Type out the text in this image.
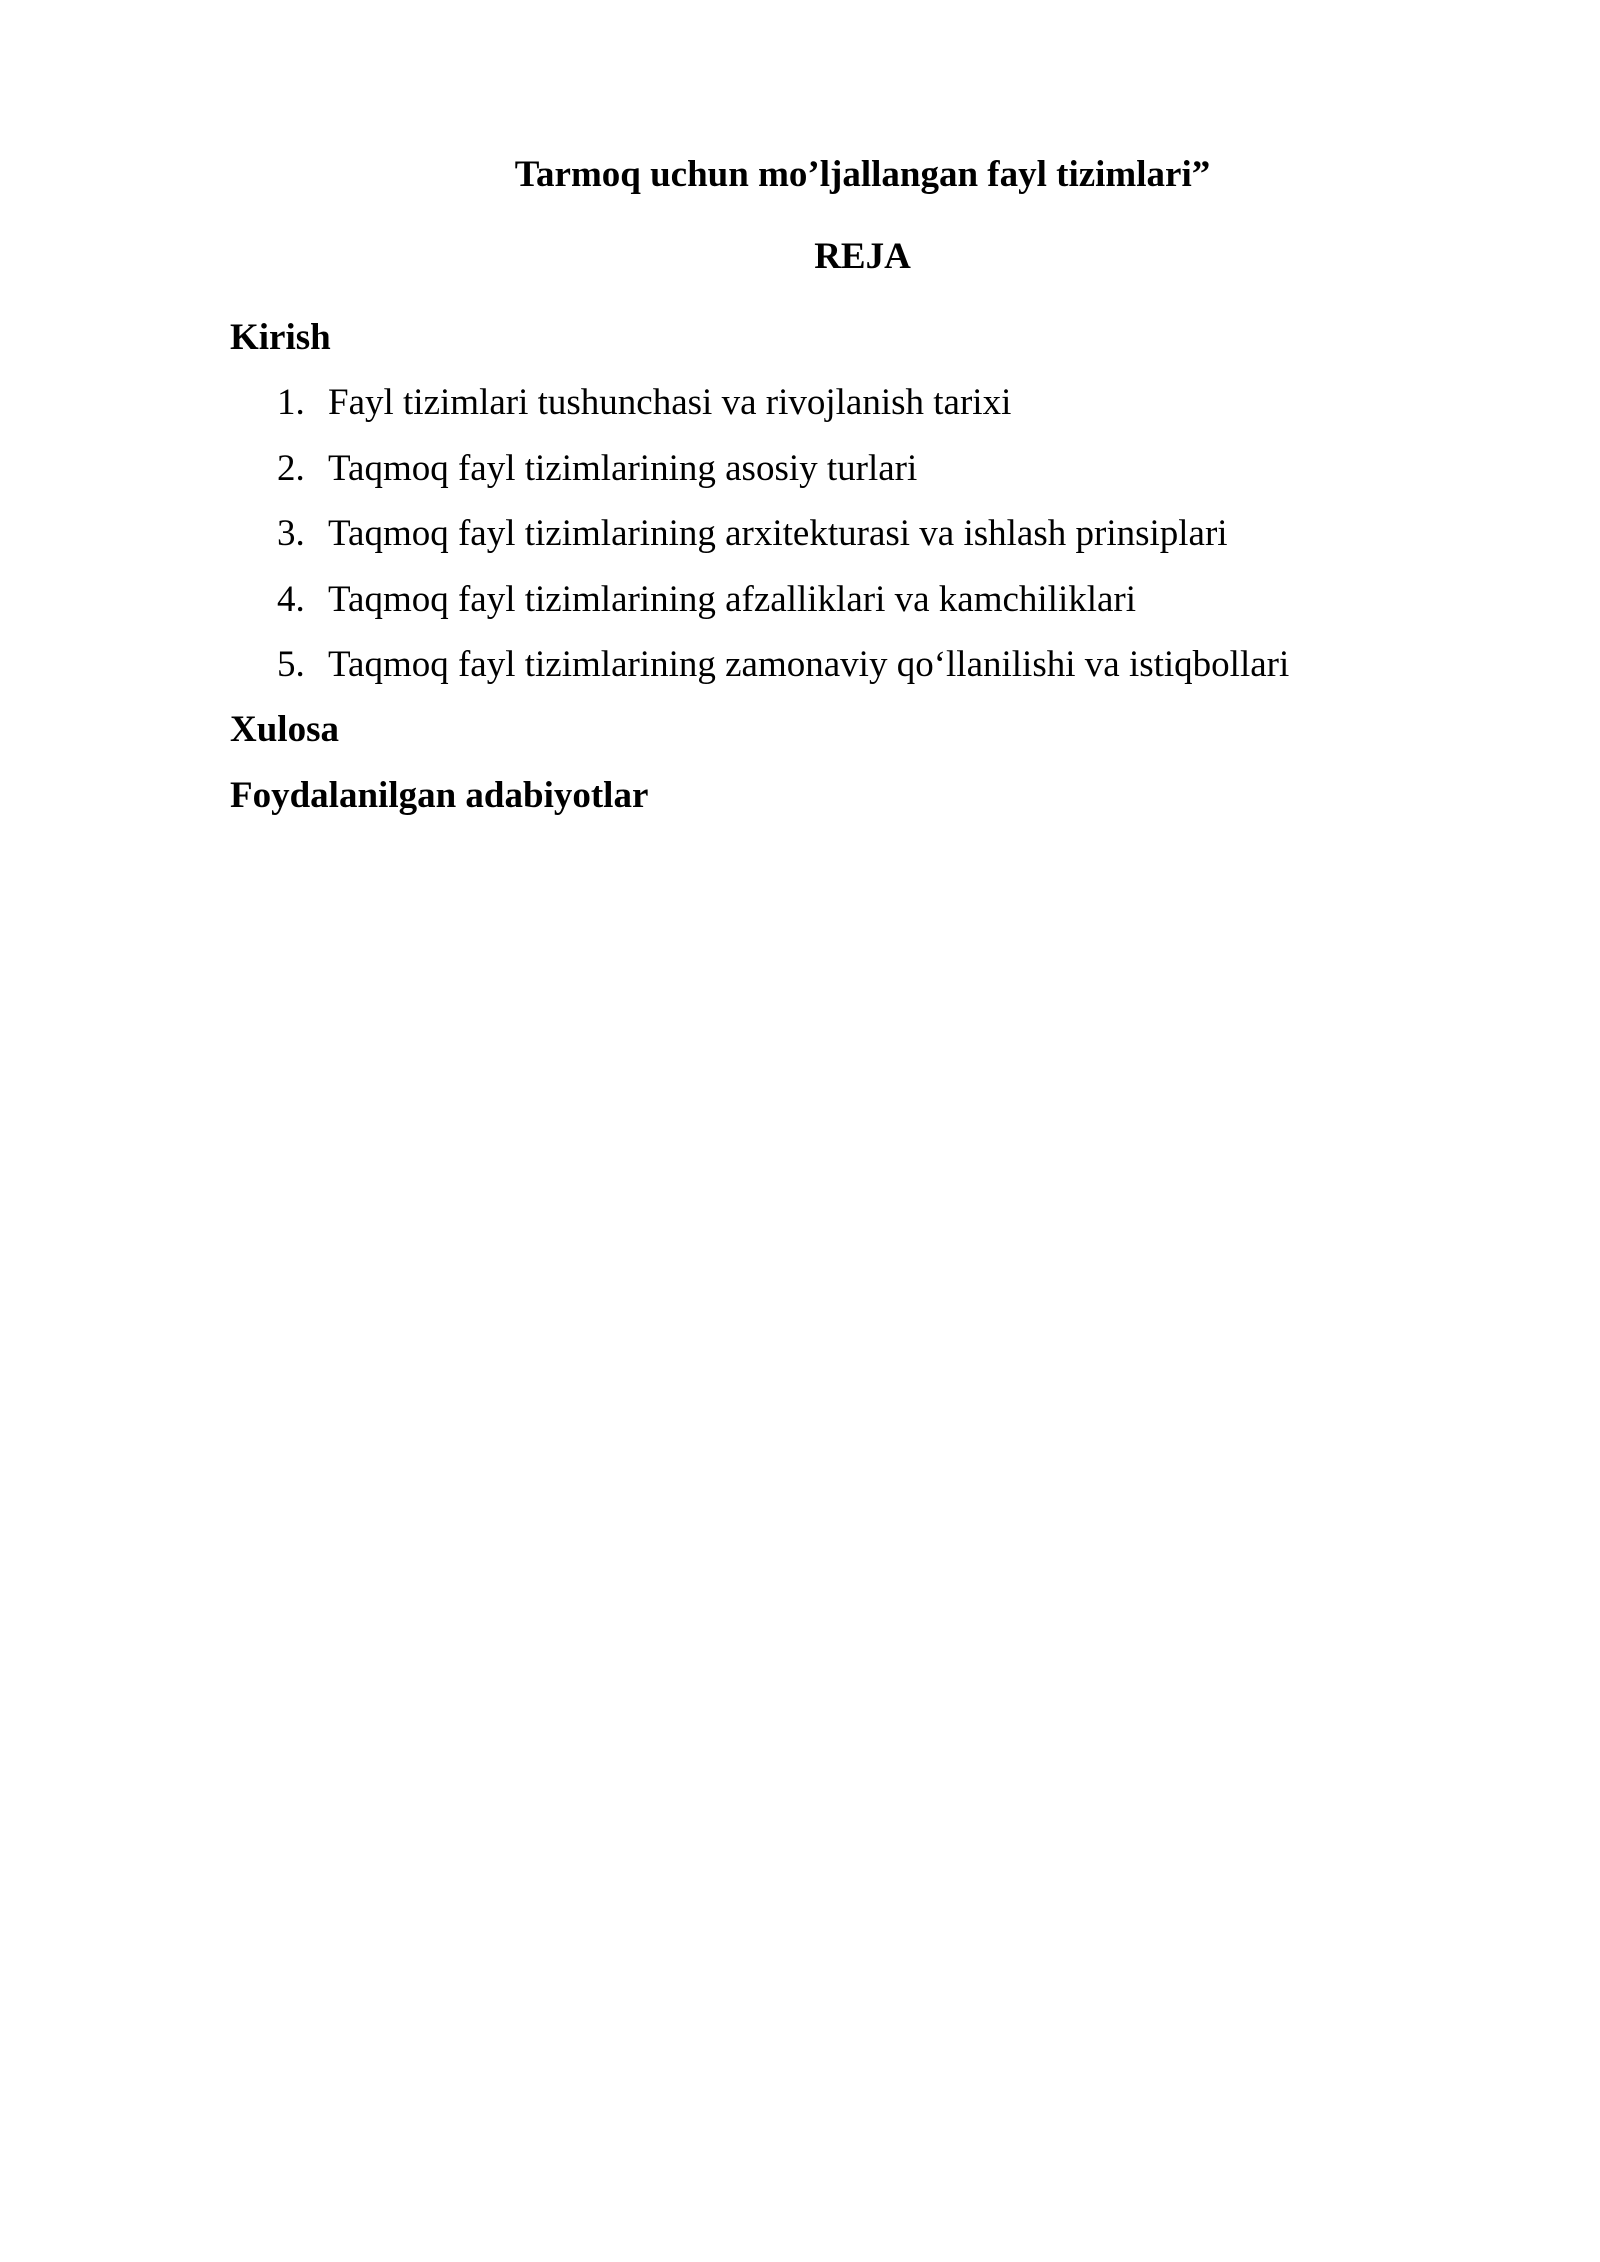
Tarmoq uchun mo’ljallangan fayl tizimlari”
REJA

Kirish

1. Fayl tizimlari tushunchasi va rivojlanish tarixi
2. Taqmoq fayl tizimlarining asosiy turlari
3. Taqmoq fayl tizimlarining arxitekturasi va ishlash prinsiplari
4. Taqmoq fayl tizimlarining afzalliklari va kamchiliklari
5. Taqmoq fayl tizimlarining zamonaviy qo‘llanilishi va istiqbollari

Xulosa

Foydalanilgan adabiyotlar
